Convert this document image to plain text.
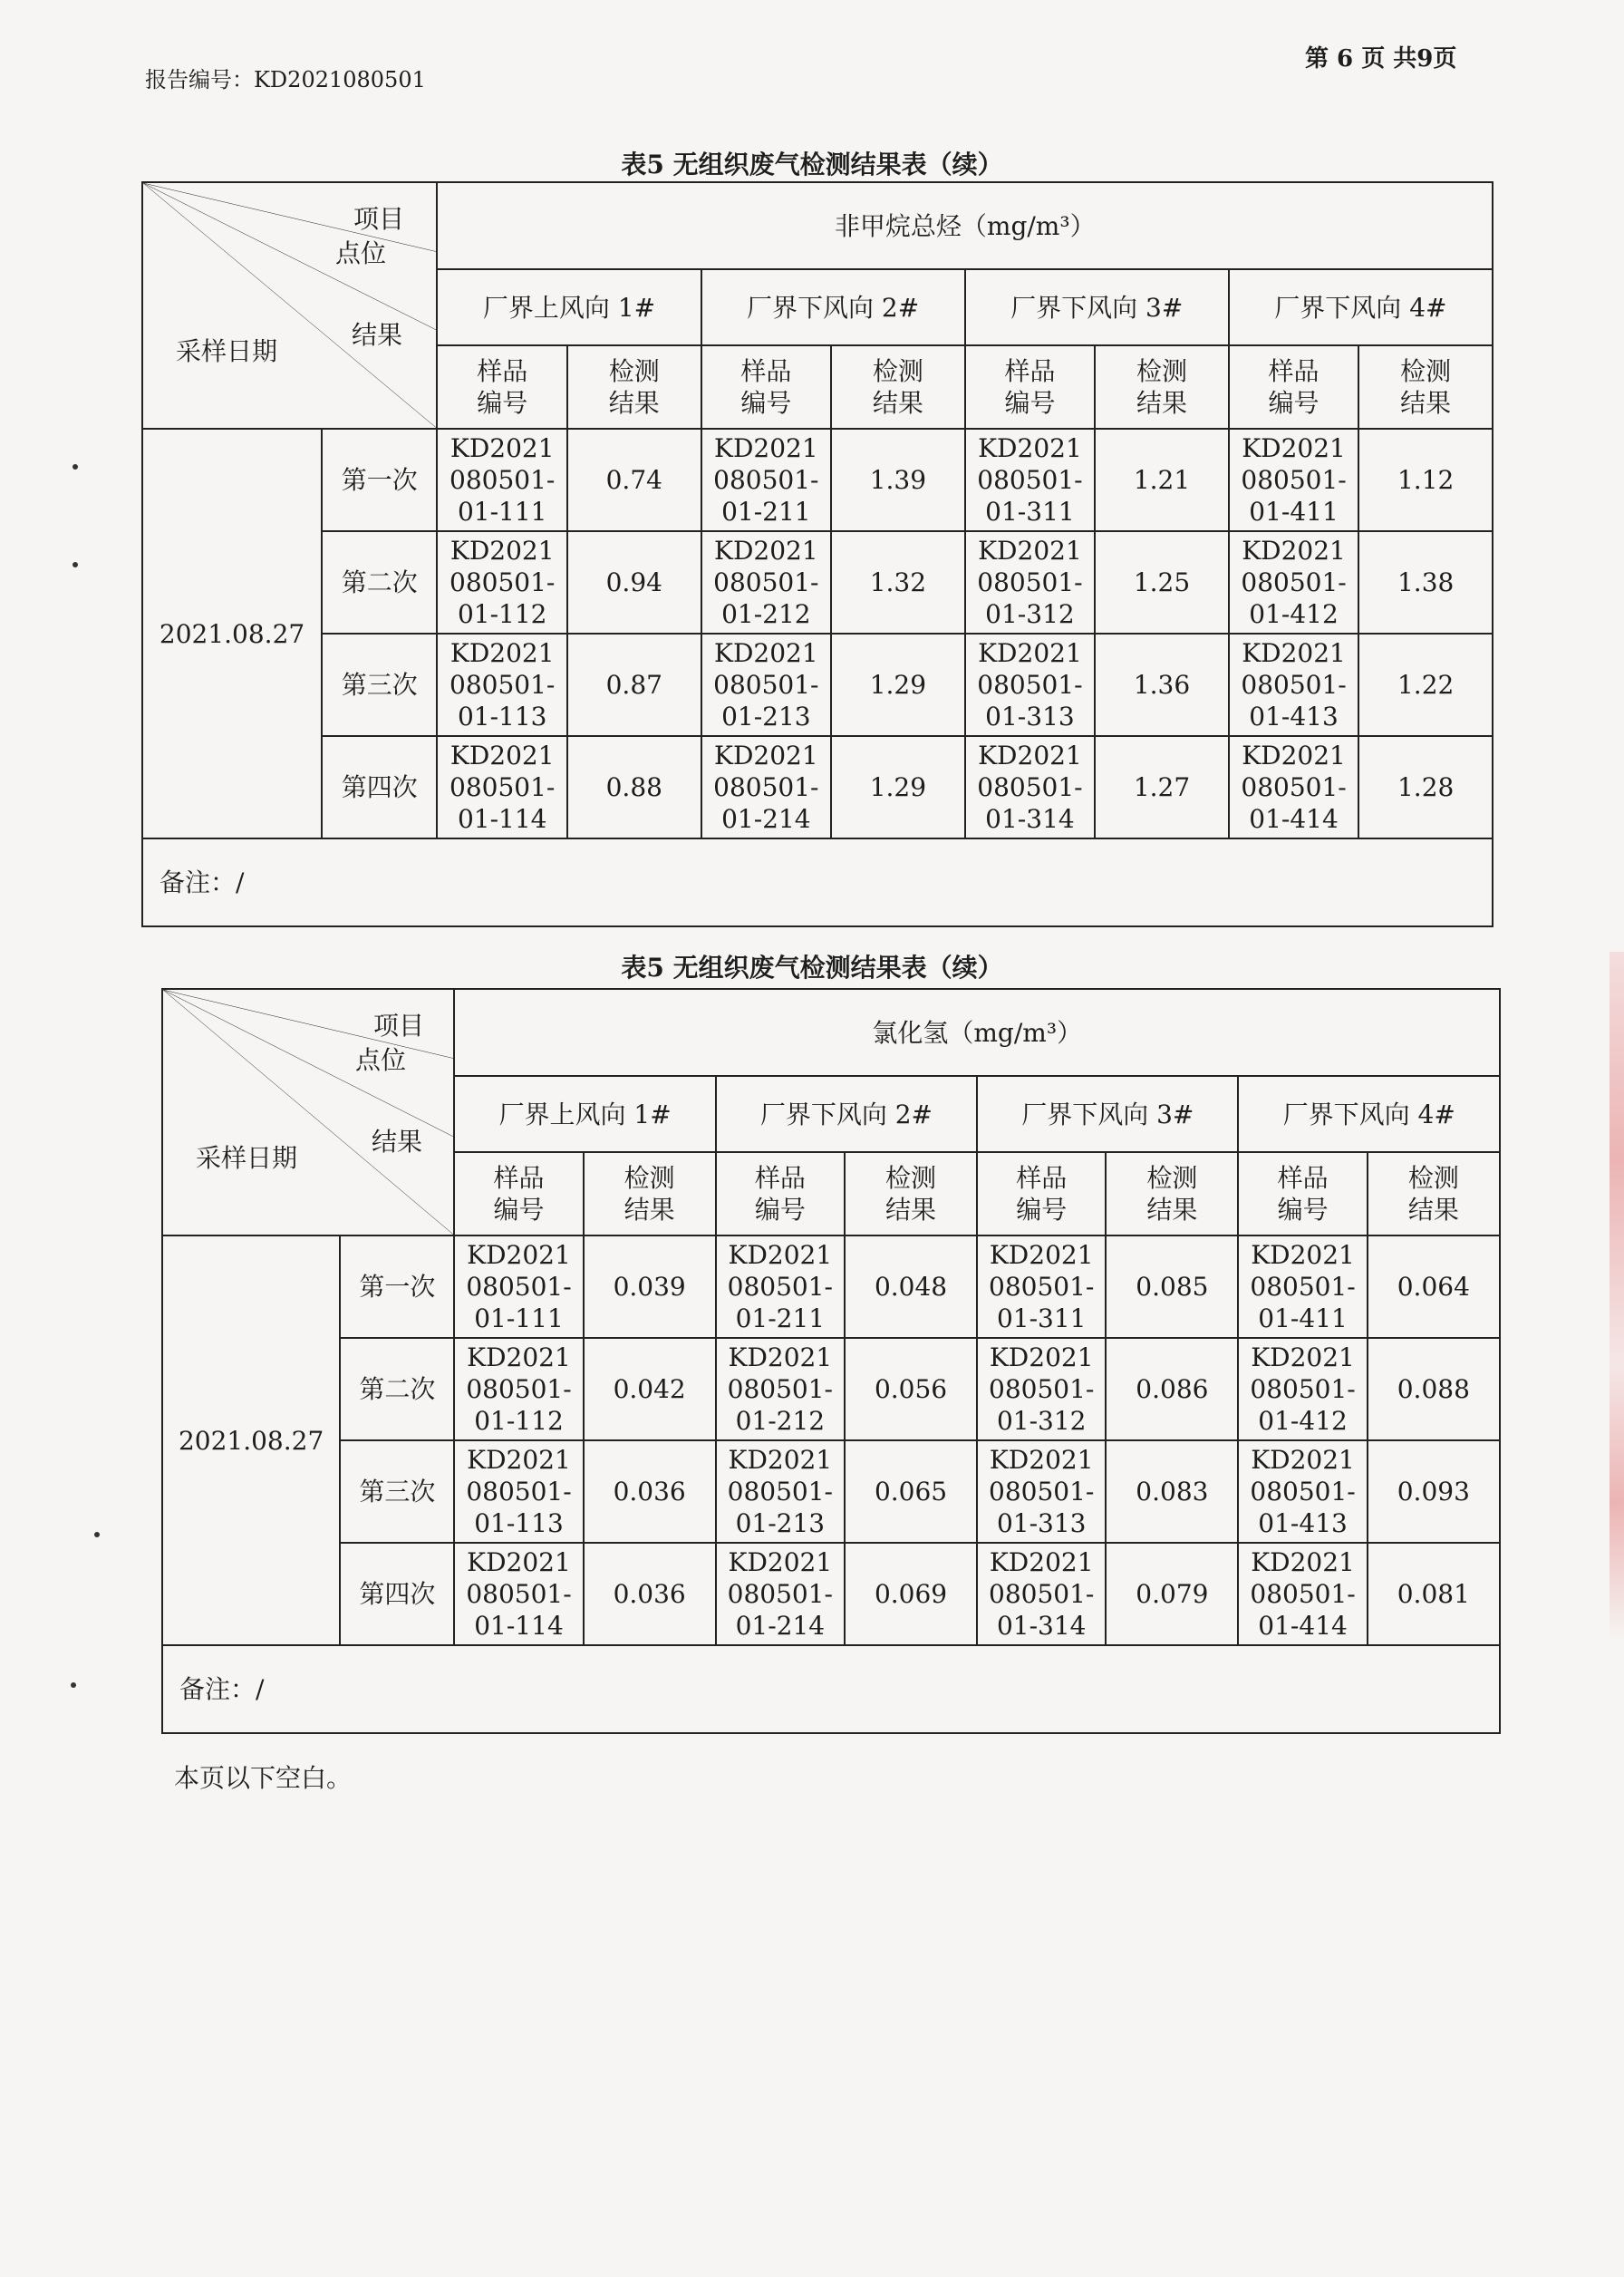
报告编号：KD2021080501
第 6 页 共9页
表5 无组织废气检测结果表（续）
项目
点位
结果
采样日期		非甲烷总烃（mg/m³）							
		厂界上风向 1#		厂界下风向 2#		厂界下风向 3#		厂界下风向 4#	
		样品
编号	检测
结果	样品
编号	检测
结果	样品
编号	检测
结果	样品
编号	检测
结果
2021.08.27	第一次	KD2021
080501-
01-111	0.74	KD2021
080501-
01-211	1.39	KD2021
080501-
01-311	1.21	KD2021
080501-
01-411	1.12
	第二次	KD2021
080501-
01-112	0.94	KD2021
080501-
01-212	1.32	KD2021
080501-
01-312	1.25	KD2021
080501-
01-412	1.38
	第三次	KD2021
080501-
01-113	0.87	KD2021
080501-
01-213	1.29	KD2021
080501-
01-313	1.36	KD2021
080501-
01-413	1.22
	第四次	KD2021
080501-
01-114	0.88	KD2021
080501-
01-214	1.29	KD2021
080501-
01-314	1.27	KD2021
080501-
01-414	1.28
备注：/									
表5 无组织废气检测结果表（续）
项目
点位
结果
采样日期		氯化氢（mg/m³）							
		厂界上风向 1#		厂界下风向 2#		厂界下风向 3#		厂界下风向 4#	
		样品
编号	检测
结果	样品
编号	检测
结果	样品
编号	检测
结果	样品
编号	检测
结果
2021.08.27	第一次	KD2021
080501-
01-111	0.039	KD2021
080501-
01-211	0.048	KD2021
080501-
01-311	0.085	KD2021
080501-
01-411	0.064
	第二次	KD2021
080501-
01-112	0.042	KD2021
080501-
01-212	0.056	KD2021
080501-
01-312	0.086	KD2021
080501-
01-412	0.088
	第三次	KD2021
080501-
01-113	0.036	KD2021
080501-
01-213	0.065	KD2021
080501-
01-313	0.083	KD2021
080501-
01-413	0.093
	第四次	KD2021
080501-
01-114	0.036	KD2021
080501-
01-214	0.069	KD2021
080501-
01-314	0.079	KD2021
080501-
01-414	0.081
备注：/									
本页以下空白。
